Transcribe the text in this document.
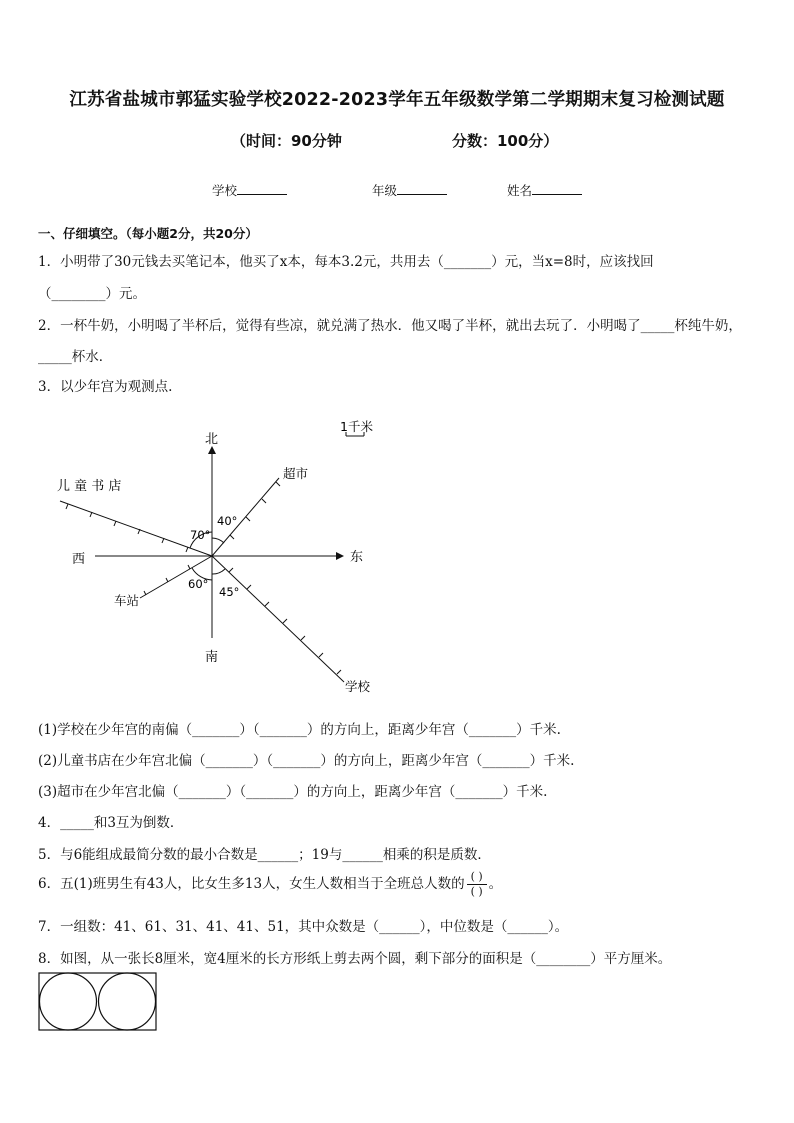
江苏省盐城市郭猛实验学校2022-2023学年五年级数学第二学期期末复习检测试题
（时间：90分钟	分数：100分）
学校	年级	姓名
一、仔细填空。（每小题2分，共20分）
1．小明带了30元钱去买笔记本，他买了x本，每本3.2元，共用去（_______）元，当x=8时，应该找回
（________）元。
2．一杯牛奶，小明喝了半杯后，觉得有些凉，就兑满了热水．他又喝了半杯，就出去玩了．小明喝了_____杯纯牛奶，
_____杯水．
3．以少年宫为观测点.
北
南
东
西
1千米
儿 童 书 店
超市
车站
学校
40°
70°
60°
45°
(1)学校在少年宫的南偏（_______）（_______）的方向上，距离少年宫（_______）千米.
(2)儿童书店在少年宫北偏（_______）（_______）的方向上，距离少年宫（_______）千米.
(3)超市在少年宫北偏（_______）（_______）的方向上，距离少年宫（_______）千米.
4．_____和3互为倒数．
5．与6能组成最简分数的最小合数是______；19与______相乘的积是质数．
6．五(1)班男生有43人，比女生多13人，女生人数相当于全班总人数的 $\frac{( )}{( )}$ 。
7．一组数：41、61、31、41、41、51，其中众数是（______），中位数是（______）。
8．如图，从一张长8厘米，宽4厘米的长方形纸上剪去两个圆，剩下部分的面积是（________）平方厘米。
